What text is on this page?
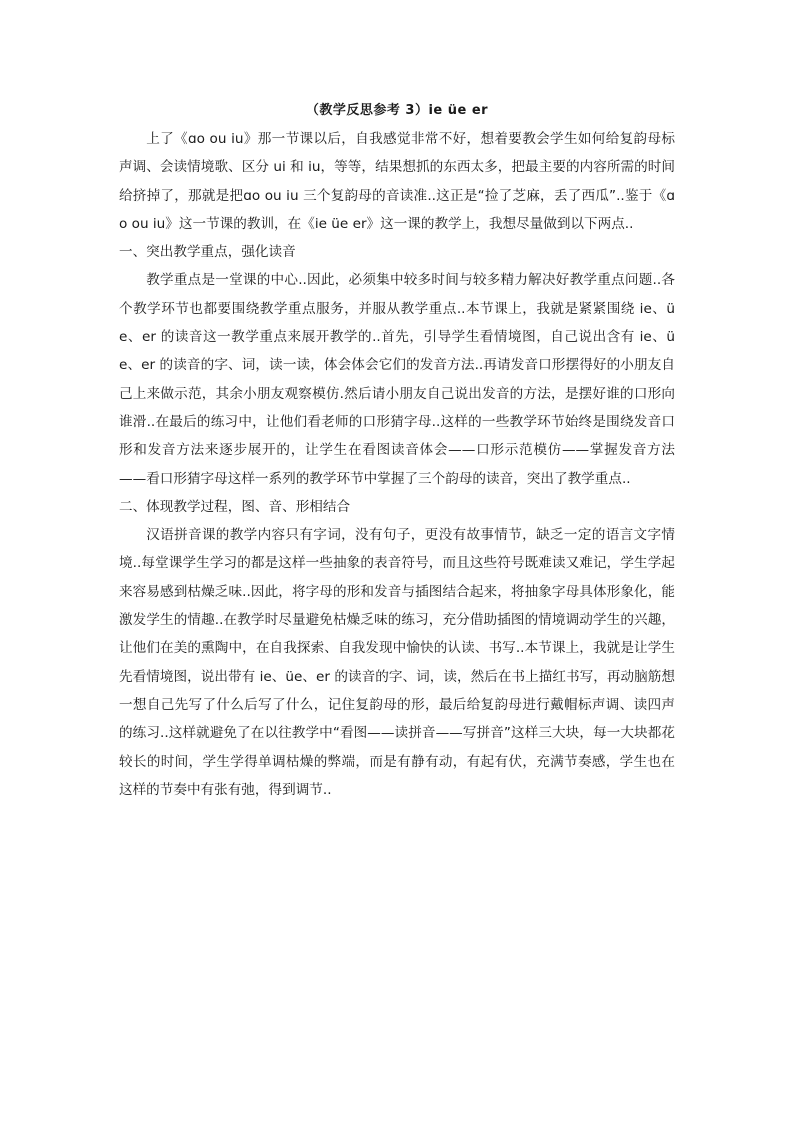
（教学反思参考 3）ie üe er

上了《ɑo ou iu》那一节课以后，自我感觉非常不好，想着要教会学生如何给复韵母标声调、会读情境歌、区分 ui 和 iu，等等，结果想抓的东西太多，把最主要的内容所需的时间给挤掉了，那就是把ɑo ou iu 三个复韵母的音读准..这正是“捡了芝麻，丢了西瓜”..鉴于《ɑo ou iu》这一节课的教训，在《ie üe er》这一课的教学上，我想尽量做到以下两点..

一、突出教学重点，强化读音

教学重点是一堂课的中心..因此，必须集中较多时间与较多精力解决好教学重点问题..各个教学环节也都要围绕教学重点服务，并服从教学重点..本节课上，我就是紧紧围绕 ie、üe、er 的读音这一教学重点来展开教学的..首先，引导学生看情境图，自己说出含有 ie、üe、er 的读音的字、词，读一读，体会体会它们的发音方法..再请发音口形摆得好的小朋友自己上来做示范，其余小朋友观察模仿.然后请小朋友自己说出发音的方法，是摆好谁的口形向谁滑..在最后的练习中，让他们看老师的口形猜字母..这样的一些教学环节始终是围绕发音口形和发音方法来逐步展开的，让学生在看图读音体会——口形示范模仿——掌握发音方法——看口形猜字母这样一系列的教学环节中掌握了三个韵母的读音，突出了教学重点..

二、体现教学过程，图、音、形相结合

汉语拼音课的教学内容只有字词，没有句子，更没有故事情节，缺乏一定的语言文字情境..每堂课学生学习的都是这样一些抽象的表音符号，而且这些符号既难读又难记，学生学起来容易感到枯燥乏味..因此，将字母的形和发音与插图结合起来，将抽象字母具体形象化，能激发学生的情趣..在教学时尽量避免枯燥乏味的练习，充分借助插图的情境调动学生的兴趣，让他们在美的熏陶中，在自我探索、自我发现中愉快的认读、书写..本节课上，我就是让学生先看情境图，说出带有 ie、üe、er 的读音的字、词，读，然后在书上描红书写，再动脑筋想一想自己先写了什么后写了什么，记住复韵母的形，最后给复韵母进行戴帽标声调、读四声的练习..这样就避免了在以往教学中“看图——读拼音——写拼音”这样三大块，每一大块都花较长的时间，学生学得单调枯燥的弊端，而是有静有动，有起有伏，充满节奏感，学生也在这样的节奏中有张有弛，得到调节..
